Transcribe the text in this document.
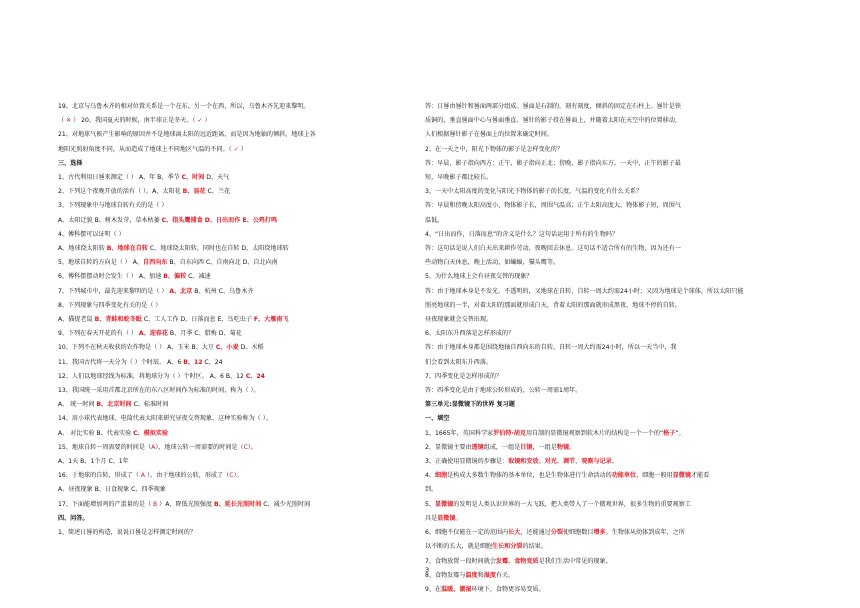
19、北京与乌鲁木齐的相对位置关系是一个在东、另一个在西，所以，乌鲁木齐先迎来黎明。
（ ✕ ） 20、我国夏天的时候，南半球正是冬天。（ ✓ ）
21、对地球气候产生影响的原因并不是地球离太阳的远近距离，而是因为地轴的倾斜，地球上各
地阳光照射角度不同，从而造成了地球上不同地区气温的不同。（ ✓ ）
三、选择
1、古代利用日晷来测定（ ） A、年 B、季节 C、时间 D、天气
2、下列这个夜晚开放的活有（ ）。A、太阳花 B、昙花 C、兰花
3、下列现象中与地球自转有关的是（ ）
A、太阳迁貌 B、树木发芽，草木枯萎 C、指头鹰捕食 D、日出而作 E、公鸡打鸣
4、傅科摆可以证明（ ）
A、地球绕太阳转 B、地球在自转 C、地球绕太阳转，同时也在自转 D、太阳绕地球转
5、地球自转的方向是（ ） A、自西向东 B、自东向西 C、自南向北 D、自北向南
6、傅科摆摆动时会发生（ ） A、加速 B、偏转 C、减速
7、下列城市中，最先迎来黎明的是（ ） A、北京 B、杭州 C、乌鲁木齐
8、下列现象与四季变化有关的是（ ）
A、猫捉老鼠 B、青蛙和蛇冬眠 C、工人工作 D、日落而息 E、鸟吃虫子 F、大雁南飞
9、下列在春天开花的有（ ） A、迎春花 B、月季 C、腊梅 D、菊花
10、下列不在秋天收获的农作物是（ ） A、玉米 B、大豆 C、小麦 D、水稻
11、我国古代将一天分为（ ）个时辰。 A、6 B、12 C、24
12、人们以地球经线为标准，将地球分为（ ）个时区。 A、6 B、12 C、24
13、我国统一采用首都北京所在的东八区时间作为标准的时间，称为（ ）。
A、 统一时间 B、北京时间 C、标准时间
14、用小球代表地球、电筒代表太阳来研究昼夜交替现象，这种实验称为（ ）。
A、 对比实验 B、代表实验 C、模拟实验
15、地球自转一周需要的时间是（A），地球公转一周需要的时间是（C）。
A、1天 B、1个月 C、1年
16、于地球的自转，形成了（ A ）。由于地球的公转，形成了（C）。
A、昼夜现象 B、日食现象 C、四季现象
17、下面能增加鸡的产蛋量的是（ B ）A、降低光照强度 B、延长光照时间 C、减少光照时间
四、问答。
1、简述日晷的构造，说说日晷是怎样测定时间的？
答：日晷由晷针和晷面两部分组成。晷面是石制的，刻有刻度，倾斜的固定在石柱上。晷针是铁
质铜的，垂直晷面中心与晷面垂直。晷针的影子投在晷面上，并随着太阳在天空中的位置移动，
人们根据晷针影子在晷面上的位置来确定时间。
2、在一天之中，阳光下物体的影子是怎样变化的？
答：早晨，影子指向西方；正午，影子指向正北；傍晚，影子指向东方。一天中，正午的影子最
短，早晚影子都比较长。
3、一天中太阳高度的变化与阳光下物体的影子的长度、气温的变化有什么关系？
答：早晨和傍晚太阳高度小，物体影子长，周围气温高；正午太阳高度大，物体影子短，周围气
温低。
4、“日出而作，日落而息”的含义是什么？这句话运用于所有的生物吗？
答：这句话是说人们白天出来耕作劳动，夜晚回去休息。这句话不适合所有的生物，因为还有一
些动物白天休息，晚上活动，如蝙蝠，猫头鹰等。
5、为什么地球上会有昼夜交替的现象？
答：由于地球本身是不发光、不透明的，又地球在自转，自转一周大约需24小时；又因为地球是个球体，所以太阳只能
照亮地球的一半，对着太阳的那面就形成白天，背着太阳的那面就形成黑夜，地球不停的自转，
昼夜现象就会交替出现。
6、太阳东升西落是怎样形成的？
答：由于地球本身都是围绕地轴自西向东的自转，自转一周大约需24小时，所以一天当中，我
们会看到太阳东升西落。
7、四季变化是怎样形成的？
答：四季变化是由于地球公转形成的，公转一周需1周年。
第三单元:显微镜下的世界 复习题
一、填空
1、1665年，英国科学家罗伯特·胡克用自制的显微镜观察到软木片的结构是一个一个的“格子”。
2、显微镜主要由透镜组成，一组是目镜，一组是物镜。
3、正确使用显微镜的步骤是：取镜和安放、对光、调节、观察与记录。
4、细胞是构成大多数生物体的基本单位，也是生物体进行生命活动的功能单位，细胞一般用显微镜才能看
到。
5、显微镜的发明是人类认识世界的一大飞跃，把人类带入了一个微观世界，很多生物的重要观察工
具是显微镜。
6、细胞不仅能在一定的范围内长大，还能通过分裂使细胞数目增多。生物体从幼体到成年，之所
以不断的长大，就是细胞生长和分裂的结果。
7、食物放置一段时间就会发霉，食物变质是我们生活中常见的现象。
8、食物发霉与温度和湿度有关。
9、在温暖、潮湿环境下，食物更容易变质。
3
